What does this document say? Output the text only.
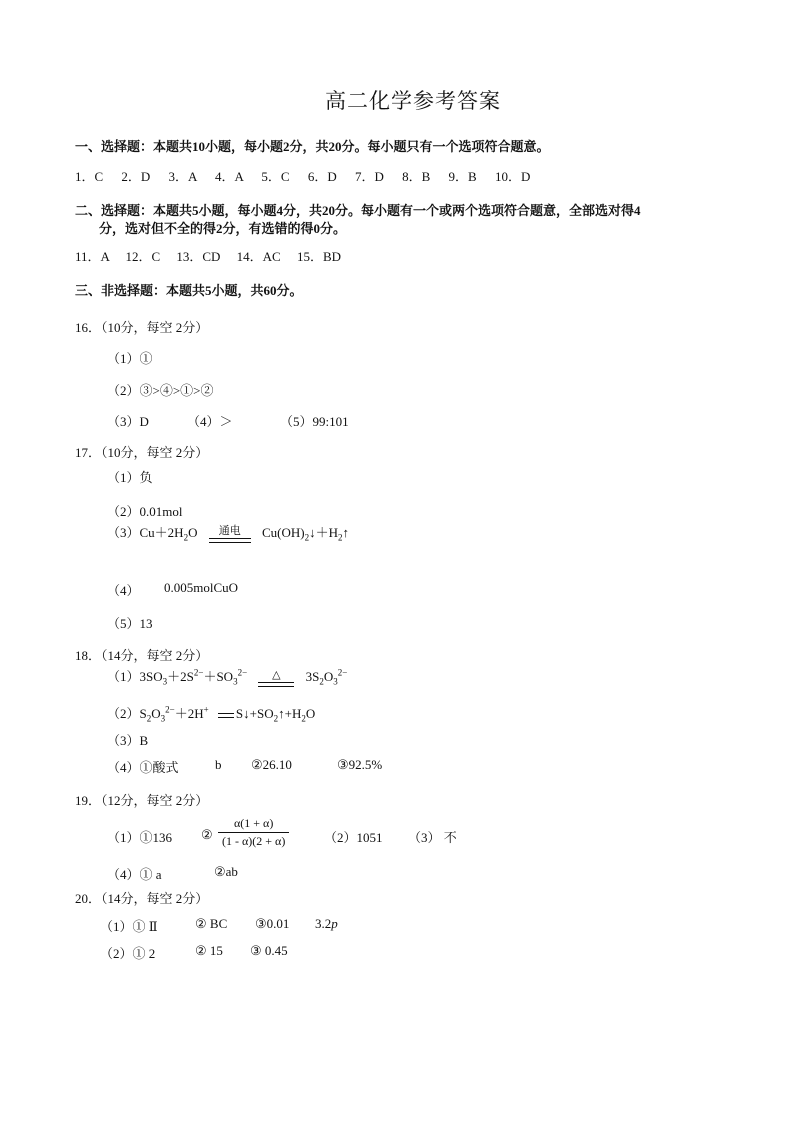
高二化学参考答案
一、选择题：本题共10小题，每小题2分，共20分。每小题只有一个选项符合题意。
1．C　 2．D　 3．A　 4．A　 5．C　 6．D　 7．D　 8．B　 9．B　 10．D
二、选择题：本题共5小题，每小题4分，共20分。每小题有一个或两个选项符合题意，全部选对得4
分，选对但不全的得2分，有选错的得0分。
11．A　 12．C　 13．CD　 14．AC　 15．BD
三、非选择题：本题共5小题，共60分。
16．（10分，每空 2分）
（1）①
（2）③>④>①>②
（3）D	（4）＞	（5）99:101
17．（10分，每空 2分）
（1）负
（2）0.01mol
$(3)Cu+2H_2O$	通电	$Cu(OH)_2↓+H_2↑$
（4） 0.005molCuO
（5）13
18．（14分，每空 2分）
$(1)3SO_3+2S^{2-}+SO_3^{2-}$	△	$3S_2O_3^{2-}$
$(2)S_2O_3^{2-}+2H^+$ $S↓+SO_2↑+H_2O$
（3）B
（4）①酸式	b ②26.10	③92.5%
19．（12分，每空 2分）
（1）①136 ② $\frac{\alpha(1 + \alpha)}{(1 - \alpha)(2 + \alpha)}$	（2）1051 （3） 不
（4）① a	②ab
20．（14分，每空 2分）
（1）① Ⅱ	② BC ③0.01 3.2p
（2）① 2	② 15 ③ 0.45
